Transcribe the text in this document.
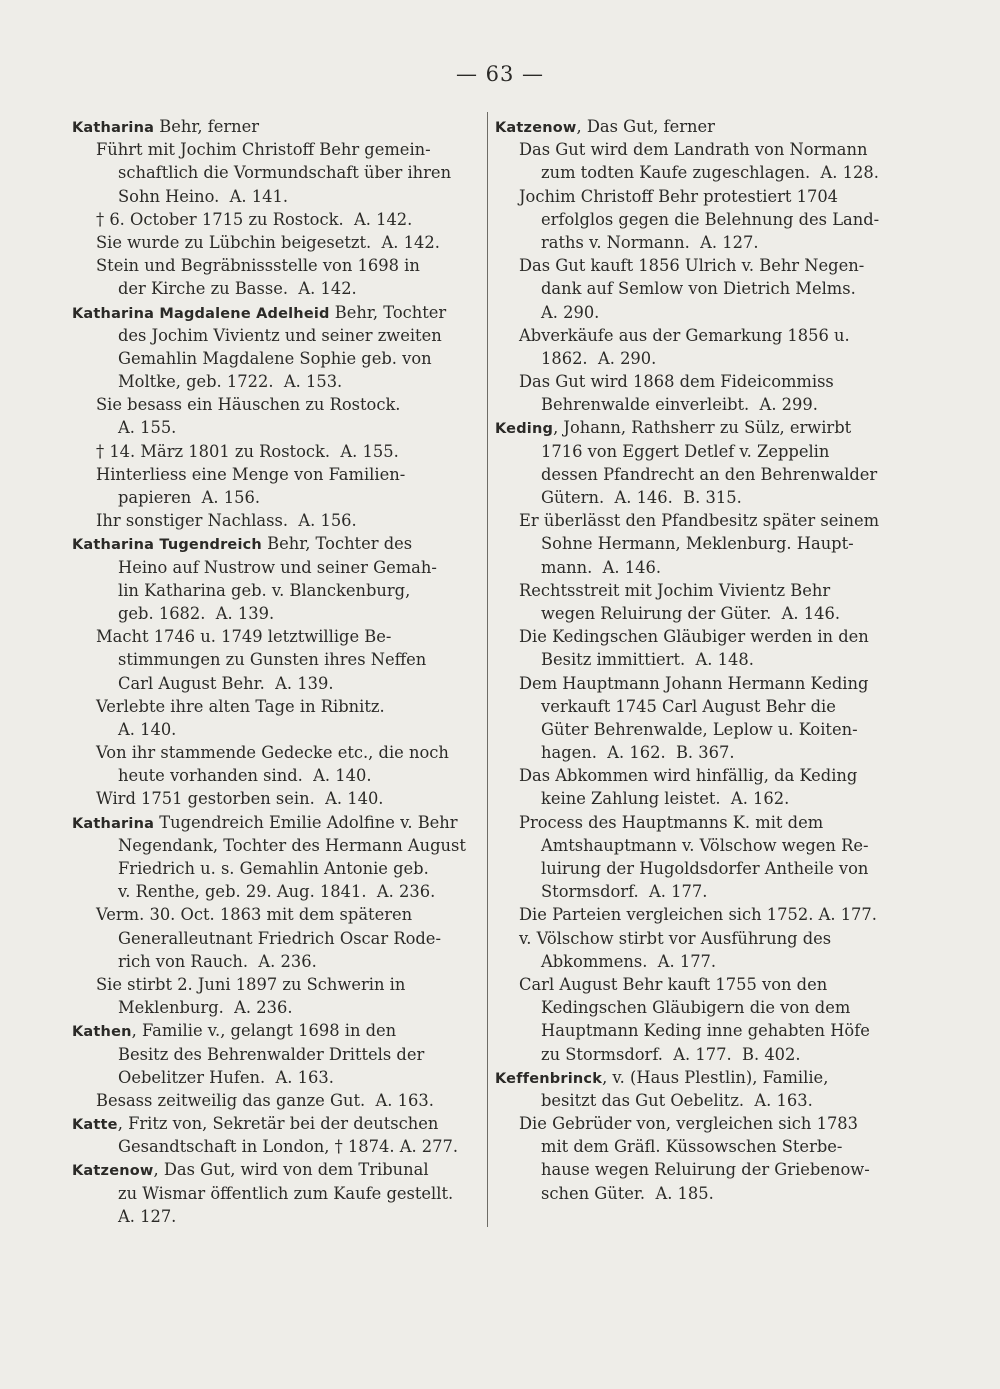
— 63 —
Katharina Behr, ferner
Führt mit Jochim Christoff Behr gemein-
schaftlich die Vormundschaft über ihren
Sohn Heino.  A. 141.
† 6. October 1715 zu Rostock.  A. 142.
Sie wurde zu Lübchin beigesetzt.  A. 142.
Stein und Begräbnissstelle von 1698 in
der Kirche zu Basse.  A. 142.
Katharina Magdalene Adelheid Behr, Tochter
des Jochim Vivientz und seiner zweiten
Gemahlin Magdalene Sophie geb. von
Moltke, geb. 1722.  A. 153.
Sie besass ein Häuschen zu Rostock.
A. 155.
† 14. März 1801 zu Rostock.  A. 155.
Hinterliess eine Menge von Familien-
papieren  A. 156.
Ihr sonstiger Nachlass.  A. 156.
Katharina Tugendreich Behr, Tochter des
Heino auf Nustrow und seiner Gemah-
lin Katharina geb. v. Blanckenburg,
geb. 1682.  A. 139.
Macht 1746 u. 1749 letztwillige Be-
stimmungen zu Gunsten ihres Neffen
Carl August Behr.  A. 139.
Verlebte ihre alten Tage in Ribnitz.
A. 140.
Von ihr stammende Gedecke etc., die noch
heute vorhanden sind.  A. 140.
Wird 1751 gestorben sein.  A. 140.
Katharina Tugendreich Emilie Adolfine v. Behr
Negendank, Tochter des Hermann August
Friedrich u. s. Gemahlin Antonie geb.
v. Renthe, geb. 29. Aug. 1841.  A. 236.
Verm. 30. Oct. 1863 mit dem späteren
Generalleutnant Friedrich Oscar Rode-
rich von Rauch.  A. 236.
Sie stirbt 2. Juni 1897 zu Schwerin in
Meklenburg.  A. 236.
Kathen, Familie v., gelangt 1698 in den
Besitz des Behrenwalder Drittels der
Oebelitzer Hufen.  A. 163.
Besass zeitweilig das ganze Gut.  A. 163.
Katte, Fritz von, Sekretär bei der deutschen
Gesandtschaft in London, † 1874. A. 277.
Katzenow, Das Gut, wird von dem Tribunal
zu Wismar öffentlich zum Kaufe gestellt.
A. 127.
Katzenow, Das Gut, ferner
Das Gut wird dem Landrath von Normann
zum todten Kaufe zugeschlagen.  A. 128.
Jochim Christoff Behr protestiert 1704
erfolglos gegen die Belehnung des Land-
raths v. Normann.  A. 127.
Das Gut kauft 1856 Ulrich v. Behr Negen-
dank auf Semlow von Dietrich Melms.
A. 290.
Abverkäufe aus der Gemarkung 1856 u.
1862.  A. 290.
Das Gut wird 1868 dem Fideicommiss
Behrenwalde einverleibt.  A. 299.
Keding, Johann, Rathsherr zu Sülz, erwirbt
1716 von Eggert Detlef v. Zeppelin
dessen Pfandrecht an den Behrenwalder
Gütern.  A. 146.  B. 315.
Er überlässt den Pfandbesitz später seinem
Sohne Hermann, Meklenburg. Haupt-
mann.  A. 146.
Rechtsstreit mit Jochim Vivientz Behr
wegen Reluirung der Güter.  A. 146.
Die Kedingschen Gläubiger werden in den
Besitz immittiert.  A. 148.
Dem Hauptmann Johann Hermann Keding
verkauft 1745 Carl August Behr die
Güter Behrenwalde, Leplow u. Koiten-
hagen.  A. 162.  B. 367.
Das Abkommen wird hinfällig, da Keding
keine Zahlung leistet.  A. 162.
Process des Hauptmanns K. mit dem
Amtshauptmann v. Völschow wegen Re-
luirung der Hugoldsdorfer Antheile von
Stormsdorf.  A. 177.
Die Parteien vergleichen sich 1752. A. 177.
v. Völschow stirbt vor Ausführung des
Abkommens.  A. 177.
Carl August Behr kauft 1755 von den
Kedingschen Gläubigern die von dem
Hauptmann Keding inne gehabten Höfe
zu Stormsdorf.  A. 177.  B. 402.
Keffenbrinck, v. (Haus Plestlin), Familie,
besitzt das Gut Oebelitz.  A. 163.
Die Gebrüder von, vergleichen sich 1783
mit dem Gräfl. Küssowschen Sterbe-
hause wegen Reluirung der Griebenow-
schen Güter.  A. 185.
